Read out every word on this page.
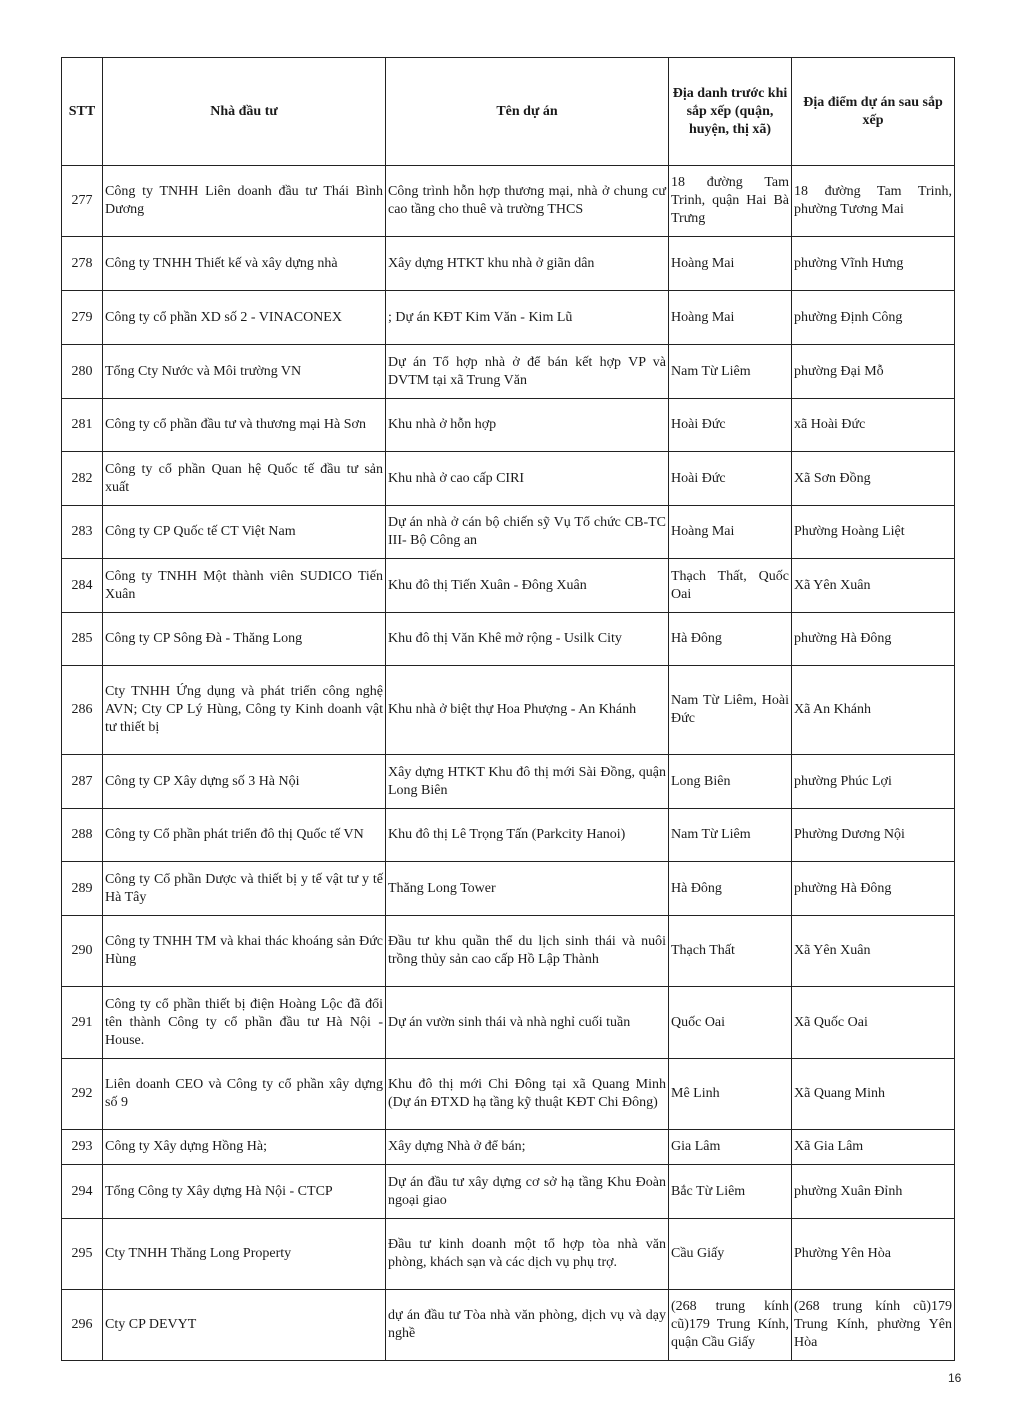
STT	Nhà đầu tư	Tên dự án	Địa danh trước khi sắp xếp (quận, huyện, thị xã)	Địa điểm dự án sau sắp xếp
277	Công ty TNHH Liên doanh đầu tư Thái Bình Dương	Công trình hỗn hợp thương mại, nhà ở chung cư cao tầng cho thuê và trường THCS	18 đường Tam Trinh, quận Hai Bà Trưng	18 đường Tam Trinh, phường Tương Mai
278	Công ty TNHH Thiết kế và xây dựng nhà	Xây dựng HTKT khu nhà ở giãn dân	Hoàng Mai	phường Vĩnh Hưng
279	Công ty cổ phần XD số 2 - VINACONEX	; Dự án KĐT Kim Văn - Kim Lũ	Hoàng Mai	phường Định Công
280	Tổng Cty Nước và Môi trường VN	Dự án Tổ hợp nhà ở để bán kết hợp VP và DVTM tại xã Trung Văn	Nam Từ Liêm	phường Đại Mỗ
281	Công ty cổ phần đầu tư và thương mại Hà Sơn	Khu nhà ở hỗn hợp	Hoài Đức	xã Hoài Đức
282	Công ty cổ phần Quan hệ Quốc tế đầu tư sản xuất	Khu nhà ở cao cấp CIRI	Hoài Đức	Xã Sơn Đồng
283	Công ty CP Quốc tế CT Việt Nam	Dự án nhà ở cán bộ chiến sỹ Vụ Tổ chức CB-TC III- Bộ Công an	Hoàng Mai	Phường Hoàng Liệt
284	Công ty TNHH Một thành viên SUDICO Tiến Xuân	Khu đô thị Tiến Xuân - Đông Xuân	Thạch Thất, Quốc Oai	Xã Yên Xuân
285	Công ty CP Sông Đà - Thăng Long	Khu đô thị Văn Khê mở rộng - Usilk City	Hà Đông	phường Hà Đông
286	Cty TNHH Ứng dụng và phát triển công nghệ AVN; Cty CP Lý Hùng, Công ty Kinh doanh vật tư thiết bị	Khu nhà ở biệt thự Hoa Phượng - An Khánh	Nam Từ Liêm, Hoài Đức	Xã An Khánh
287	Công ty CP Xây dựng số 3 Hà Nội	Xây dựng HTKT Khu đô thị mới Sài Đồng, quận Long Biên	Long Biên	phường Phúc Lợi
288	Công ty Cổ phần phát triển đô thị Quốc tế VN	Khu đô thị Lê Trọng Tấn (Parkcity Hanoi)	Nam Từ Liêm	Phường Dương Nội
289	Công ty Cổ phần Dược và thiết bị y tế vật tư y tế Hà Tây	Thăng Long Tower	Hà Đông	phường Hà Đông
290	Công ty TNHH TM và khai thác khoáng sản Đức Hùng	Đầu tư khu quần thể du lịch sinh thái và nuôi trồng thủy sản cao cấp Hồ Lập Thành	Thạch Thất	Xã Yên Xuân
291	Công ty cổ phần thiết bị điện Hoàng Lộc đã đổi tên thành Công ty cổ phần đầu tư Hà Nội - House.	Dự án vườn sinh thái và nhà nghỉ cuối tuần	Quốc Oai	Xã Quốc Oai
292	Liên doanh CEO và Công ty cổ phần xây dựng số 9	Khu đô thị mới Chi Đông tại xã Quang Minh (Dự án ĐTXD hạ tầng kỹ thuật KĐT Chi Đông)	Mê Linh	Xã Quang Minh
293	Công ty Xây dựng Hồng Hà;	Xây dựng Nhà ở để bán;	Gia Lâm	Xã Gia Lâm
294	Tổng Công ty Xây dựng Hà Nội - CTCP	Dự án đầu tư xây dựng cơ sở hạ tầng Khu Đoàn ngoại giao	Bắc Từ Liêm	phường Xuân Đỉnh
295	Cty TNHH Thăng Long Property	Đầu tư kinh doanh một tổ hợp tòa nhà văn phòng, khách sạn và các dịch vụ phụ trợ.	Cầu Giấy	Phường Yên Hòa
296	Cty CP DEVYT	dự án đầu tư Tòa nhà văn phòng, dịch vụ và dạy nghề	(268 trung kính cũ)179 Trung Kính, quận Cầu Giấy	(268 trung kính cũ)179 Trung Kính, phường Yên Hòa
16
